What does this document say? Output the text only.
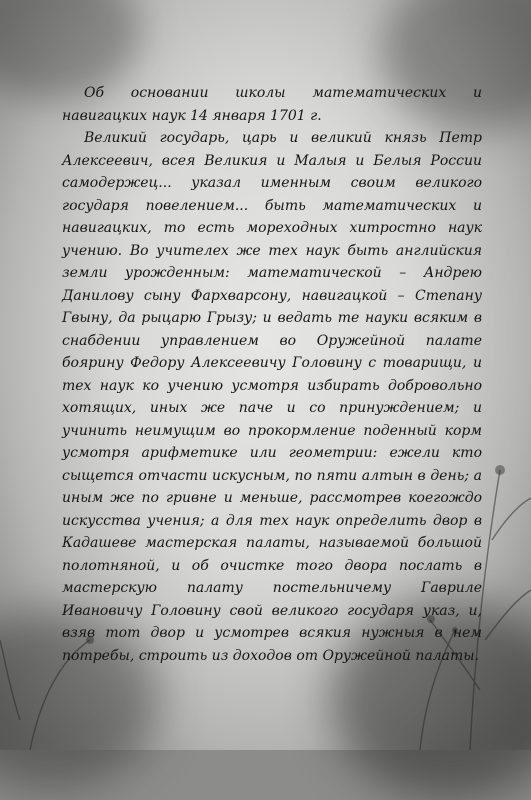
Об основании школы математических и навигацких наук 14 января 1701 г.

Великий государь, царь и великий князь Петр Алексеевич, всея Великия и Малыя и Белыя России самодержец... указал именным своим великого государя повелением... быть математических и навигацких, то есть мореходных хитростно наук учению. Во учителех же тех наук быть английския земли урожденным: математической – Андрею Данилову сыну Фархварсону, навигацкой – Степану Гвыну, да рыцарю Грызу; и ведать те науки всяким в снабдении управлением во Оружейной палате боярину Федору Алексеевичу Головину с товарищи, и тех наук ко учению усмотря избирать добровольно хотящих, иных же паче и со принуждением; и учинить неимущим во прокормление поденный корм усмотря арифметике или геометрии: ежели кто сыщется отчасти искусным, по пяти алтын в день; а иным же по гривне и меньше, рассмотрев коегождо искусства учения; а для тех наук определить двор в Кадашеве мастерская палаты, называемой большой полотняной, и об очистке того двора послать в мастерскую палату постельничему Гавриле Ивановичу Головину свой великого государя указ, и, взяв тот двор и усмотрев всякия нужныя в нем потребы, строить из доходов от Оружейной палаты.
